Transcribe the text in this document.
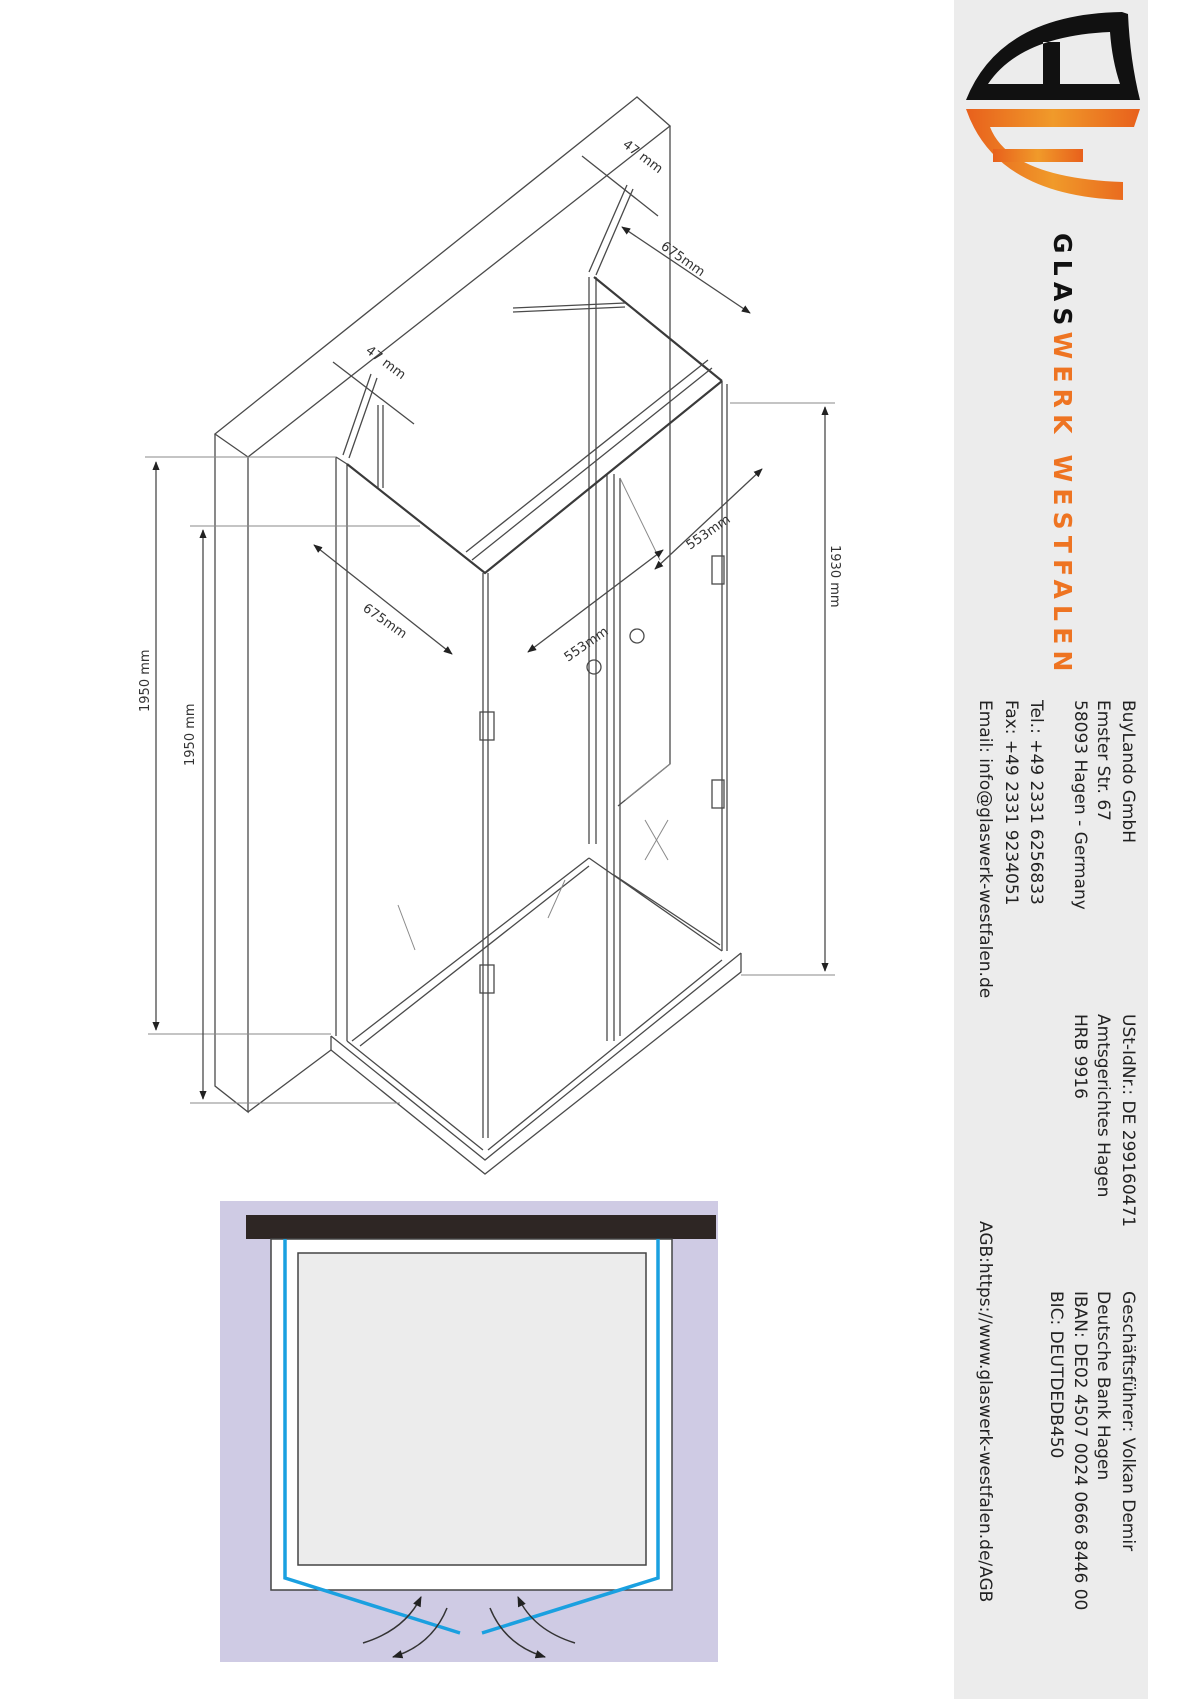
47 mm
675mm
47 mm
675mm
553mm
553mm
1950 mm
1950 mm
1930 mm
GLASWERK WESTFALEN
BuyLando GmbH
Emster Str. 67
58093 Hagen - Germany
Tel.: +49 2331 6256833
Fax: +49 2331 9234051
Email: info@glaswerk-westfalen.de
USt-IdNr.: DE 299160471
Amtsgerichtes Hagen
HRB 9916
Geschäftsführer: Volkan Demir
Deutsche Bank Hagen
IBAN: DE02 4507 0024 0666 8446 00
BIC: DEUTDEDB450
AGB:https://www.glaswerk-westfalen.de/AGB
